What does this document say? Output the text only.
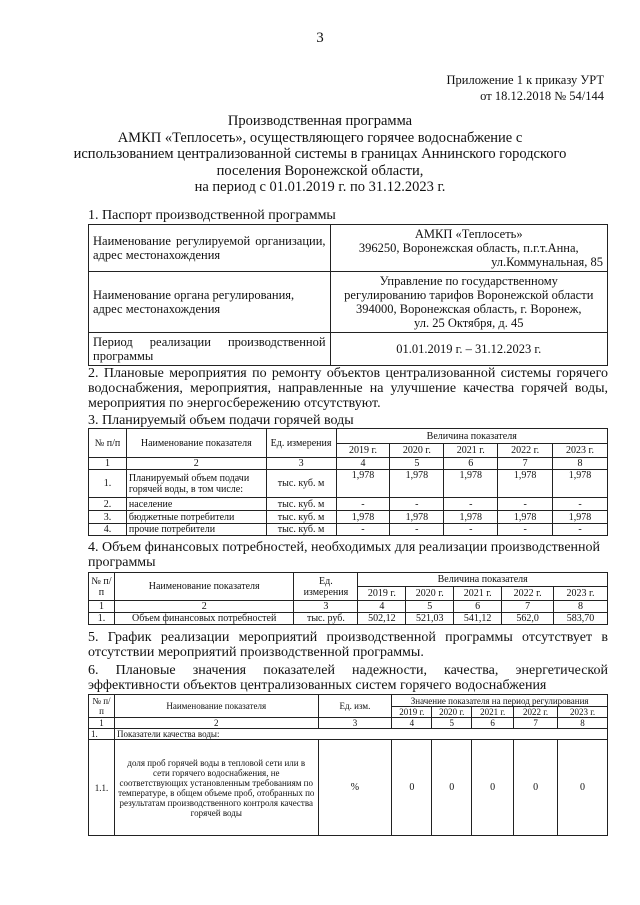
3
Приложение 1 к приказу УРТ
от 18.12.2018 № 54/144
Производственная программа
АМКП «Теплосеть», осуществляющего горячее водоснабжение с
использованием централизованной системы в границах Аннинского городского
поселения Воронежской области,
на период с 01.01.2019 г. по 31.12.2023 г.
1. Паспорт производственной программы
Наименование регулируемой организации, адрес местонахождения	АМКП «Теплосеть»
396250, Воронежская область, п.г.т.Анна,
ул.Коммунальная, 85

Наименование органа регулирования, адрес местонахождения	Управление по государственному
регулированию тарифов Воронежской области
394000, Воронежская область, г. Воронеж,
ул. 25 Октября, д. 45

Период реализации производственной программы	01.01.2019 г. – 31.12.2023 г.
2. Плановые мероприятия по ремонту объектов централизованной системы горячего водоснабжения, мероприятия, направленные на улучшение качества горячей воды, мероприятия по энергосбережению отсутствуют.
3. Планируемый объем подачи горячей воды
№ п/п	Наименование показателя	Ед. измерения	Величина показателя				
			2019 г.	2020 г.	2021 г.	2022 г.	2023 г.
1	2	3	4	5	6	7	8
1.	Планируемый объем подачи горячей воды, в том числе:	тыс. куб. м	1,978	1,978	1,978	1,978	1,978
2.	население	тыс. куб. м	-	-	-	-	-
3.	бюджетные потребители	тыс. куб. м	1,978	1,978	1,978	1,978	1,978
4.	прочие потребители	тыс. куб. м	-	-	-	-	-
4. Объем финансовых потребностей, необходимых для реализации производственной программы
№ п/п	Наименование показателя	Ед. измерения	Величина показателя				
			2019 г.	2020 г.	2021 г.	2022 г.	2023 г.
1	2	3	4	5	6	7	8
1.	Объем финансовых потребностей	тыс. руб.	502,12	521,03	541,12	562,0	583,70
5. График реализации мероприятий производственной программы отсутствует в отсутствии мероприятий производственной программы.
6. Плановые значения показателей надежности, качества, энергетической эффективности объектов централизованных систем горячего водоснабжения
№ п/п	Наименование показателя	Ед. изм.	Значение показателя на период регулирования				
			2019 г.	2020 г.	2021 г.	2022 г.	2023 г.
1	2	3	4	5	6	7	8
1.	Показатели качества воды:						
1.1.	доля проб горячей воды в тепловой сети или в сети горячего водоснабжения, не соответствующих установленным требованиям по температуре, в общем объеме проб, отобранных по результатам производственного контроля качества горячей воды	%	0	0	0	0	0
